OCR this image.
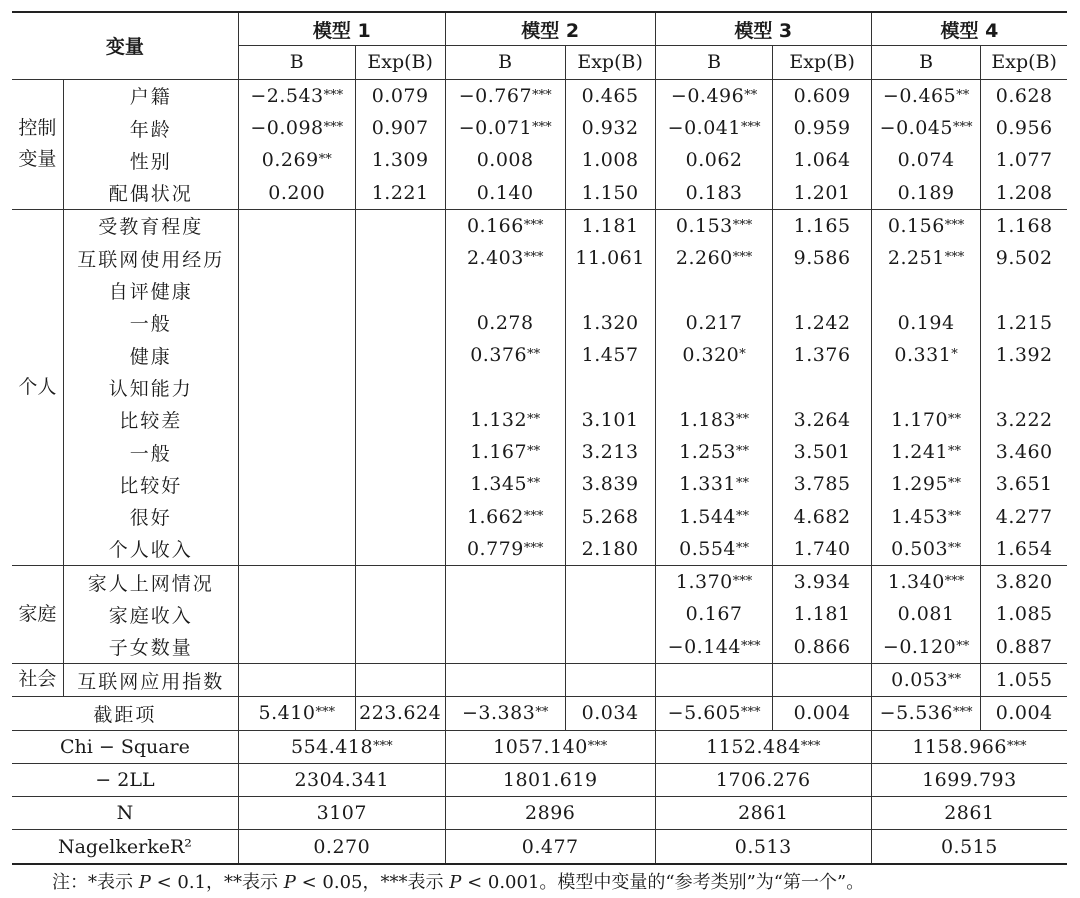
变量		模型 1		模型 2		模型 3		模型 4	
		B	Exp(B)	B	Exp(B)	B	Exp(B)	B	Exp(B)
控制
变量	户籍	−2.543***	0.079	−0.767***	0.465	−0.496**	0.609	−0.465**	0.628
	年龄	−0.098***	0.907	−0.071***	0.932	−0.041***	0.959	−0.045***	0.956
	性别	0.269**	1.309	0.008	1.008	0.062	1.064	0.074	1.077
	配偶状况	0.200	1.221	0.140	1.150	0.183	1.201	0.189	1.208
个人	受教育程度			0.166***	1.181	0.153***	1.165	0.156***	1.168
	互联网使用经历			2.403***	11.061	2.260***	9.586	2.251***	9.502
	自评健康								
	一般			0.278	1.320	0.217	1.242	0.194	1.215
	健康			0.376**	1.457	0.320*	1.376	0.331*	1.392
	认知能力								
	比较差			1.132**	3.101	1.183**	3.264	1.170**	3.222
	一般			1.167**	3.213	1.253**	3.501	1.241**	3.460
	比较好			1.345**	3.839	1.331**	3.785	1.295**	3.651
	很好			1.662***	5.268	1.544**	4.682	1.453**	4.277
	个人收入			0.779***	2.180	0.554**	1.740	0.503**	1.654
家庭	家人上网情况					1.370***	3.934	1.340***	3.820
	家庭收入					0.167	1.181	0.081	1.085
	子女数量					−0.144***	0.866	−0.120**	0.887
社会	互联网应用指数							0.053**	1.055
截距项		5.410***	223.624	−3.383**	0.034	−5.605***	0.004	−5.536***	0.004
Chi − Square		554.418***		1057.140***		1152.484***		1158.966***	
− 2LL		2304.341		1801.619		1706.276		1699.793	
N		3107		2896		2861		2861	
NagelkerkeR²		0.270		0.477		0.513		0.515	
注：*表示 P < 0.1，**表示 P < 0.05，***表示 P < 0.001。模型中变量的“参考类别”为“第一个”。
